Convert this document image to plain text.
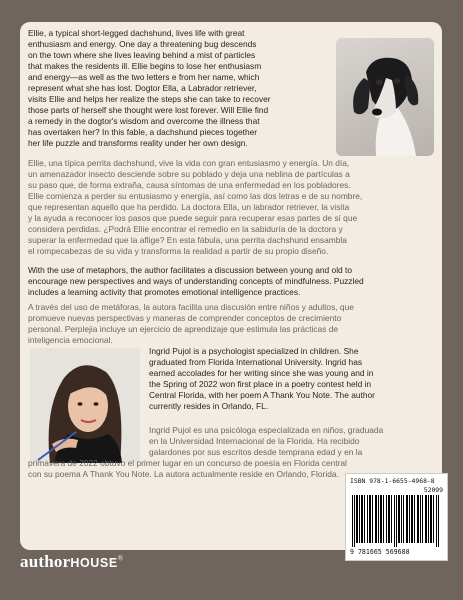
Ellie, a typical short-legged dachshund, lives life with great
enthusiasm and energy. One day a threatening bug descends
on the town where she lives leaving behind a mist of particles
that makes the residents ill. Ellie begins to lose her enthusiasm
and energy—as well as the two letters e from her name, which
represent what she has lost. Dogtor Ella, a Labrador retriever,
visits Ellie and helps her realize the steps she can take to recover
those parts of herself she thought were lost forever. Will Ellie find
a remedy in the dogtor's wisdom and overcome the illness that
has overtaken her? In this fable, a dachshund pieces together
her life puzzle and transforms reality under her own design.
Ellie, una típica perrita dachshund, vive la vida con gran entusiasmo y energía. Un día,
un amenazador insecto desciende sobre su poblado y deja una neblina de partículas a
su paso que, de forma extraña, causa síntomas de una enfermedad en los pobladores.
Ellie comienza a perder su entusiasmo y energía, así como las dos letras e de su nombre,
que representan aquello que ha perdido. La doctora Ella, un labrador retriever, la visita
y la ayuda a reconocer los pasos que puede seguir para recuperar esas partes de sí que
considera perdidas. ¿Podrá Ellie encontrar el remedio en la sabiduría de la doctora y
superar la enfermedad que la aflige? En esta fábula, una perrita dachshund ensambla
el rompecabezas de su vida y transforma la realidad a partir de su propio diseño.
With the use of metaphors, the author facilitates a discussion between young and old to
encourage new perspectives and ways of understanding concepts of mindfulness. Puzzled
includes a learning activity that promotes emotional intelligence practices.
A través del uso de metáforas, la autora facilita una discusión entre niños y adultos, que
promueve nuevas perspectivas y maneras de comprender conceptos de crecimiento
personal. Perplejia incluye un ejercicio de aprendizaje que estimula las prácticas de
inteligencia emocional.
Ingrid Pujol is a psychologist specialized in children. She
graduated from Florida International University. Ingrid has
earned accolades for her writing since she was young and in
the Spring of 2022 won first place in a poetry contest held in
Central Florida, with her poem A Thank You Note. The author
currently resides in Orlando, FL.
Ingrid Pujol es una psicóloga especializada en niños, graduada
en la Universidad Internacional de la Florida. Ha recibido
galardones por sus escritos desde temprana edad y en la
primavera de 2022 obtuvo el primer lugar en un concurso de poesía en Florida central
con su poema A Thank You Note. La autora actualmente reside en Orlando, Florida.
ISBN 978-1-6655-4968-8
52099
9 781665 569688
authorHOUSE®
